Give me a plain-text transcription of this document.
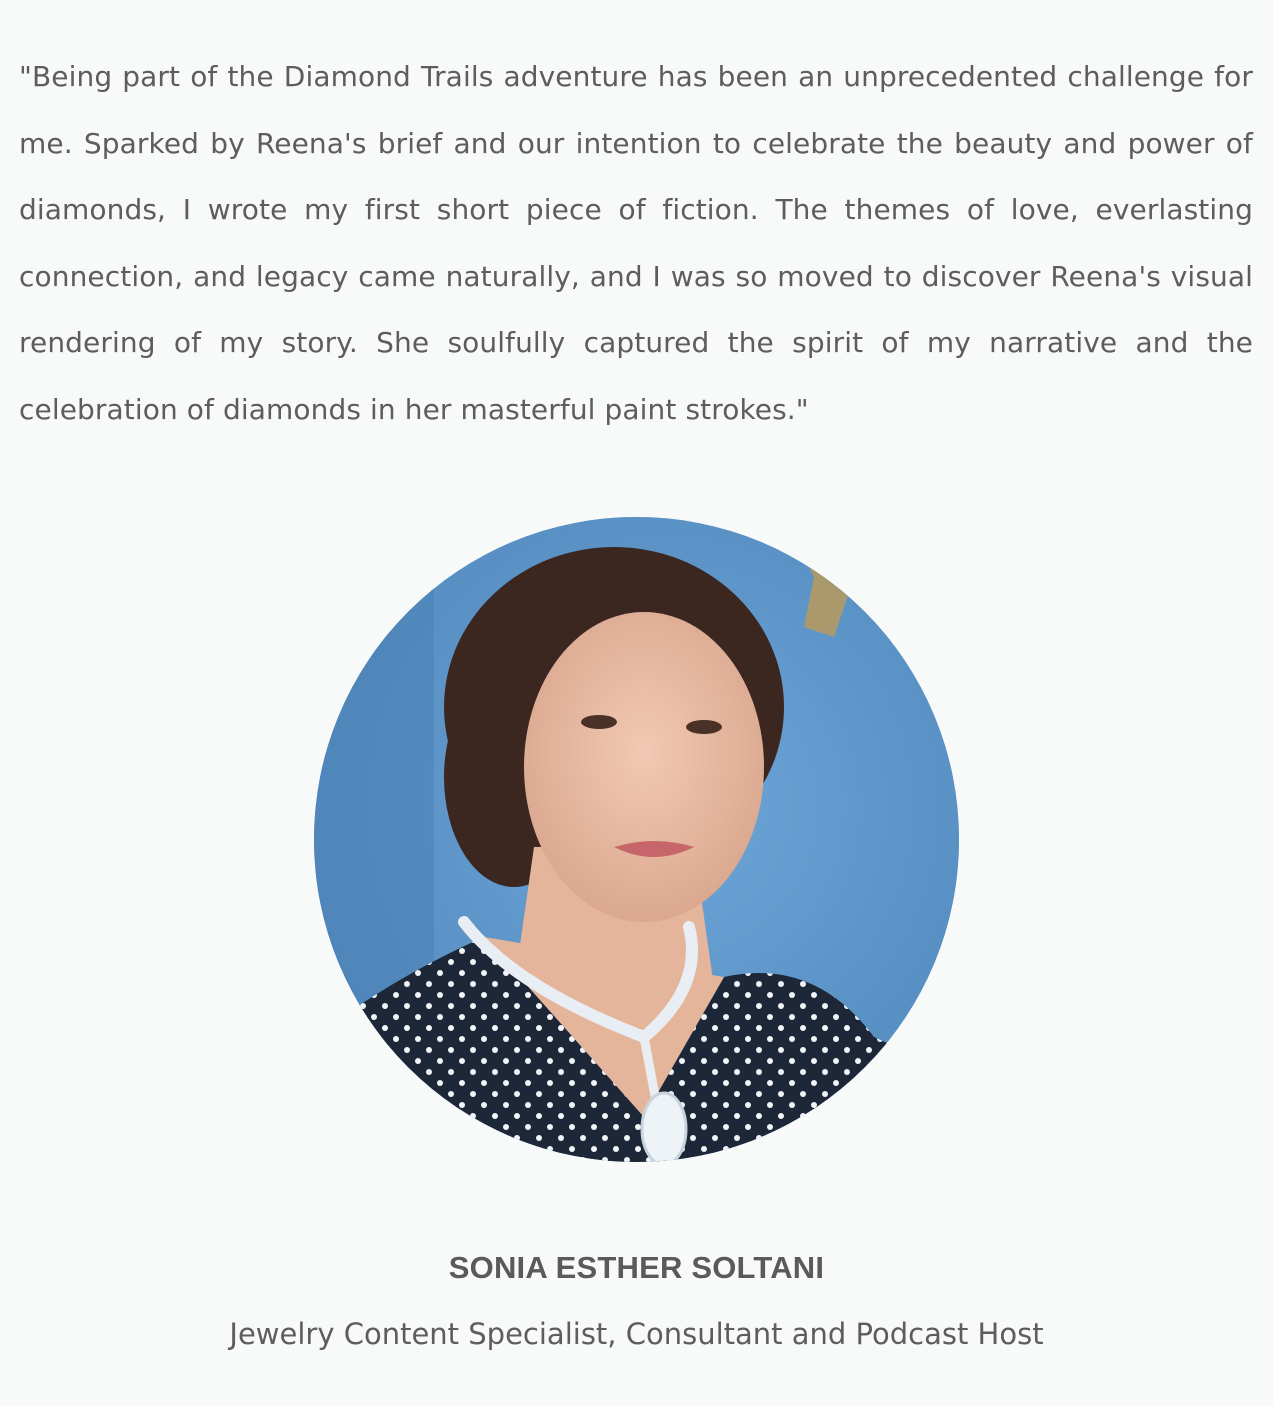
"Being part of the Diamond Trails adventure has been an unprecedented challenge for me. Sparked by Reena's brief and our intention to celebrate the beauty and power of diamonds, I wrote my first short piece of fiction. The themes of love, everlasting connection, and legacy came naturally, and I was so moved to discover Reena's visual rendering of my story. She soulfully captured the spirit of my narrative and the celebration of diamonds in her masterful paint strokes."

SONIA ESTHER SOLTANI

Jewelry Content Specialist, Consultant and Podcast Host
